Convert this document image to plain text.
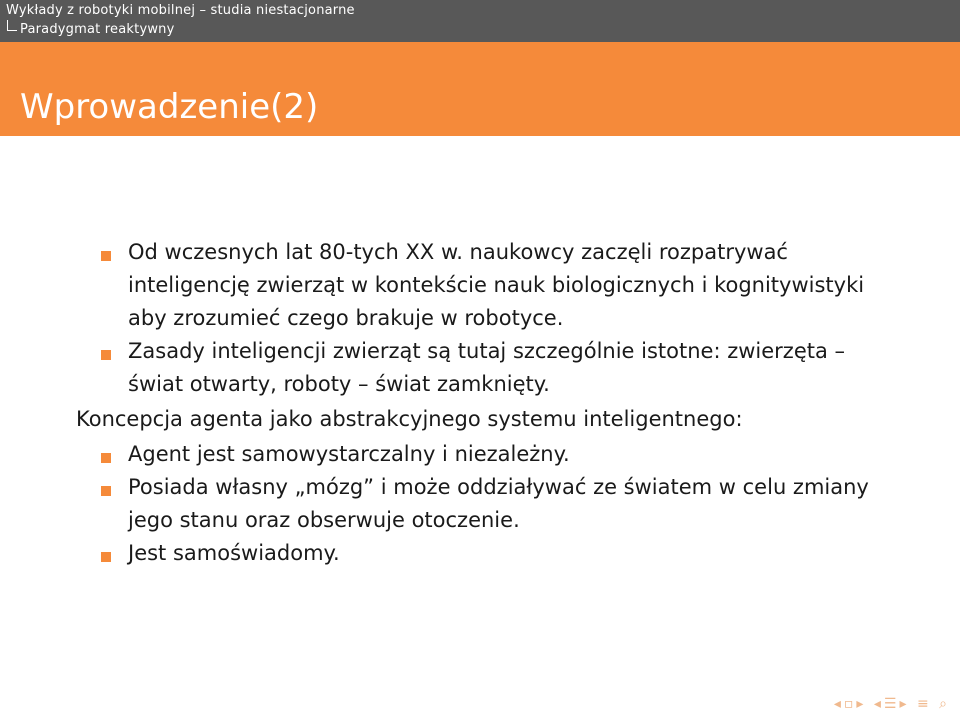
Wykłady z robotyki mobilnej – studia niestacjonarne
Paradygmat reaktywny
Wprowadzenie(2)
Od wczesnych lat 80-tych XX w. naukowcy zaczęli rozpatrywać inteligencję zwierząt w kontekście nauk biologicznych i kognitywistyki aby zrozumieć czego brakuje w robotyce.
Zasady inteligencji zwierząt są tutaj szczególnie istotne: zwierzęta – świat otwarty, roboty – świat zamknięty.
Koncepcja agenta jako abstrakcyjnego systemu inteligentnego:
Agent jest samowystarczalny i niezależny.
Posiada własny „mózg” i może oddziaływać ze światem w celu zmiany jego stanu oraz obserwuje otoczenie.
Jest samoświadomy.
◂▫▸ ◂☰▸ ≡ ⌕
